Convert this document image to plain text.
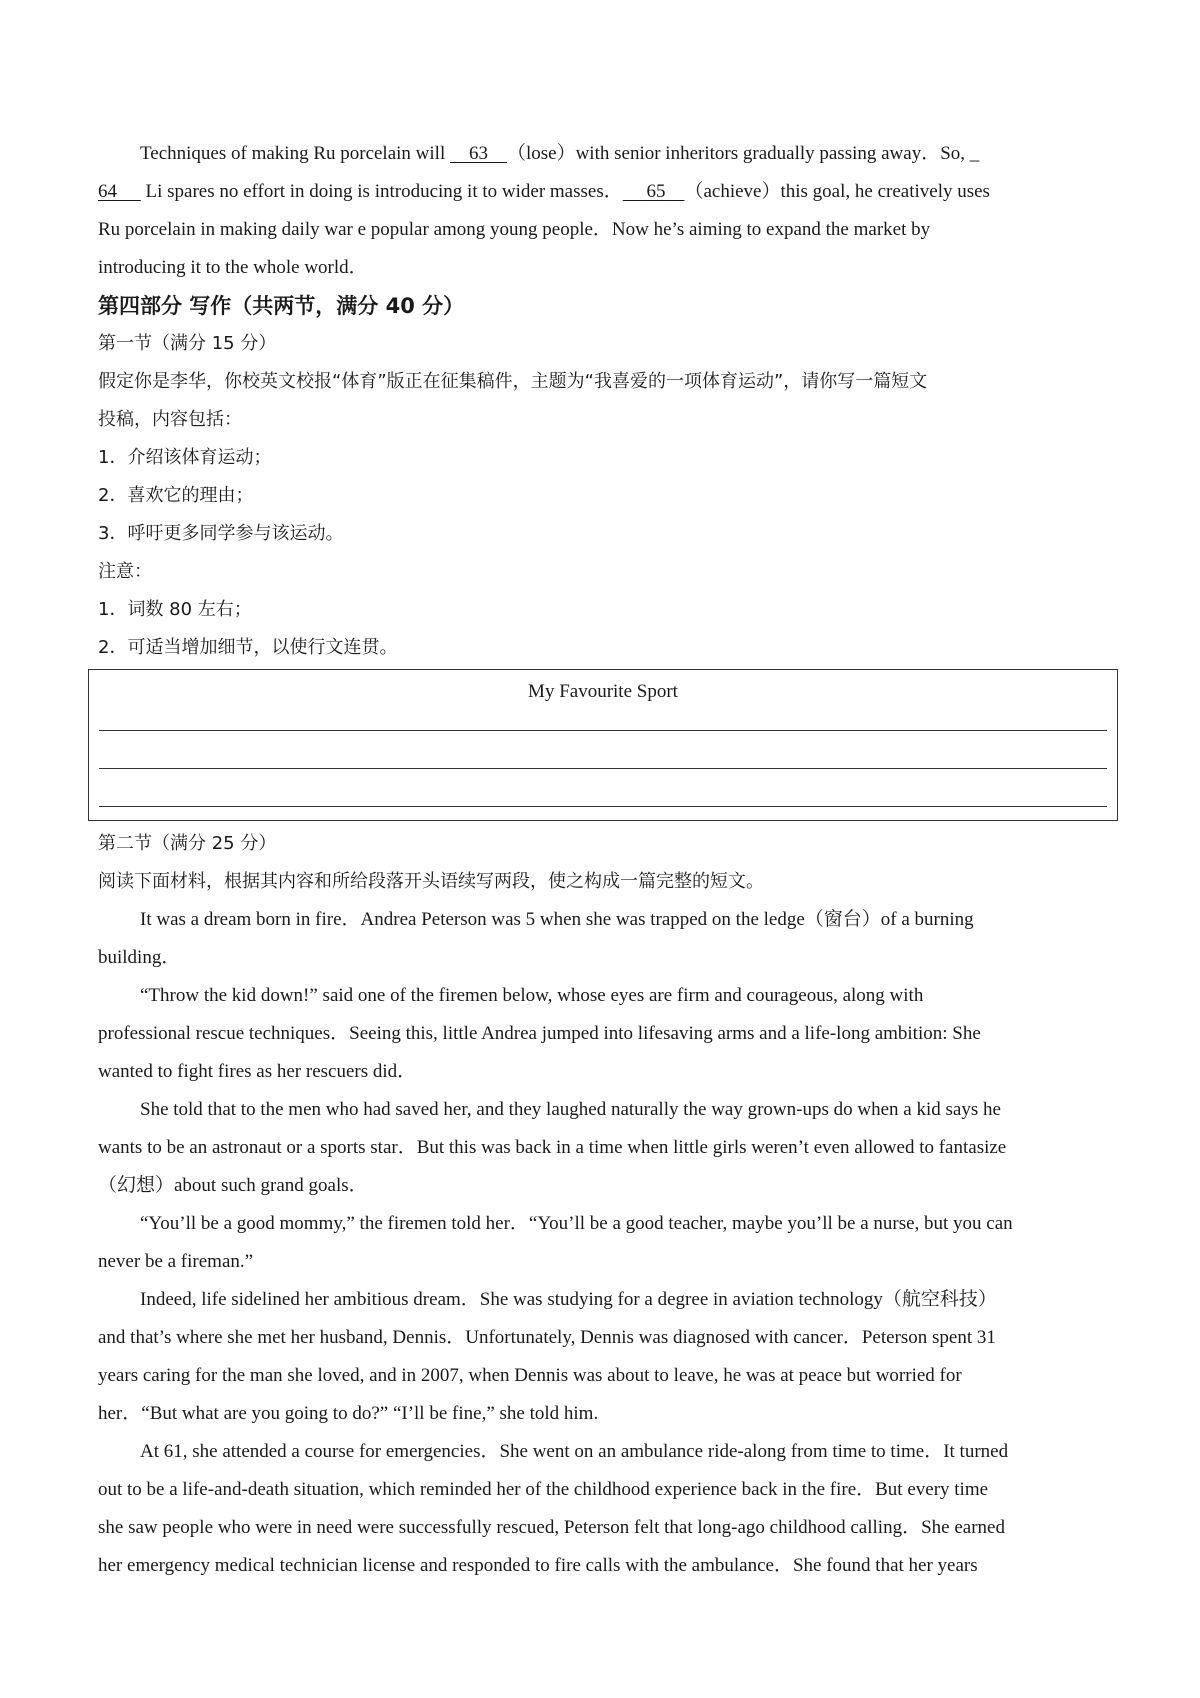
Techniques of making Ru porcelain will     63 （lose）with senior inheritors gradually passing away．So, _
64      Li spares no effort in doing is introducing it to wider masses． 65 （achieve）this goal, he creatively uses
Ru porcelain in making daily war e popular among young people．Now he’s aiming to expand the market by
introducing it to the whole world．
第四部分 写作（共两节，满分 40 分）
第一节（满分 15 分）
假定你是李华，你校英文校报“体育”版正在征集稿件，主题为“我喜爱的一项体育运动”，请你写一篇短文
投稿，内容包括：
1．介绍该体育运动；
2．喜欢它的理由；
3．呼吁更多同学参与该运动。
注意：
1．词数 80 左右；
2．可适当增加细节，以使行文连贯。
My Favourite Sport
第二节（满分 25 分）
阅读下面材料，根据其内容和所给段落开头语续写两段，使之构成一篇完整的短文。
It was a dream born in fire．Andrea Peterson was 5 when she was trapped on the ledge（窗台）of a burning
building．
“Throw the kid down!” said one of the firemen below, whose eyes are firm and courageous, along with
professional rescue techniques．Seeing this, little Andrea jumped into lifesaving arms and a life-long ambition: She
wanted to fight fires as her rescuers did．
She told that to the men who had saved her, and they laughed naturally the way grown-ups do when a kid says he
wants to be an astronaut or a sports star．But this was back in a time when little girls weren’t even allowed to fantasize
（幻想）about such grand goals．
“You’ll be a good mommy,” the firemen told her．“You’ll be a good teacher, maybe you’ll be a nurse, but you can
never be a fireman.”
Indeed, life sidelined her ambitious dream．She was studying for a degree in aviation technology（航空科技）
and that’s where she met her husband, Dennis．Unfortunately, Dennis was diagnosed with cancer．Peterson spent 31
years caring for the man she loved, and in 2007, when Dennis was about to leave, he was at peace but worried for
her．“But what are you going to do?” “I’ll be fine,” she told him.
At 61, she attended a course for emergencies．She went on an ambulance ride-along from time to time．It turned
out to be a life-and-death situation, which reminded her of the childhood experience back in the fire．But every time
she saw people who were in need were successfully rescued, Peterson felt that long-ago childhood calling．She earned
her emergency medical technician license and responded to fire calls with the ambulance．She found that her years
